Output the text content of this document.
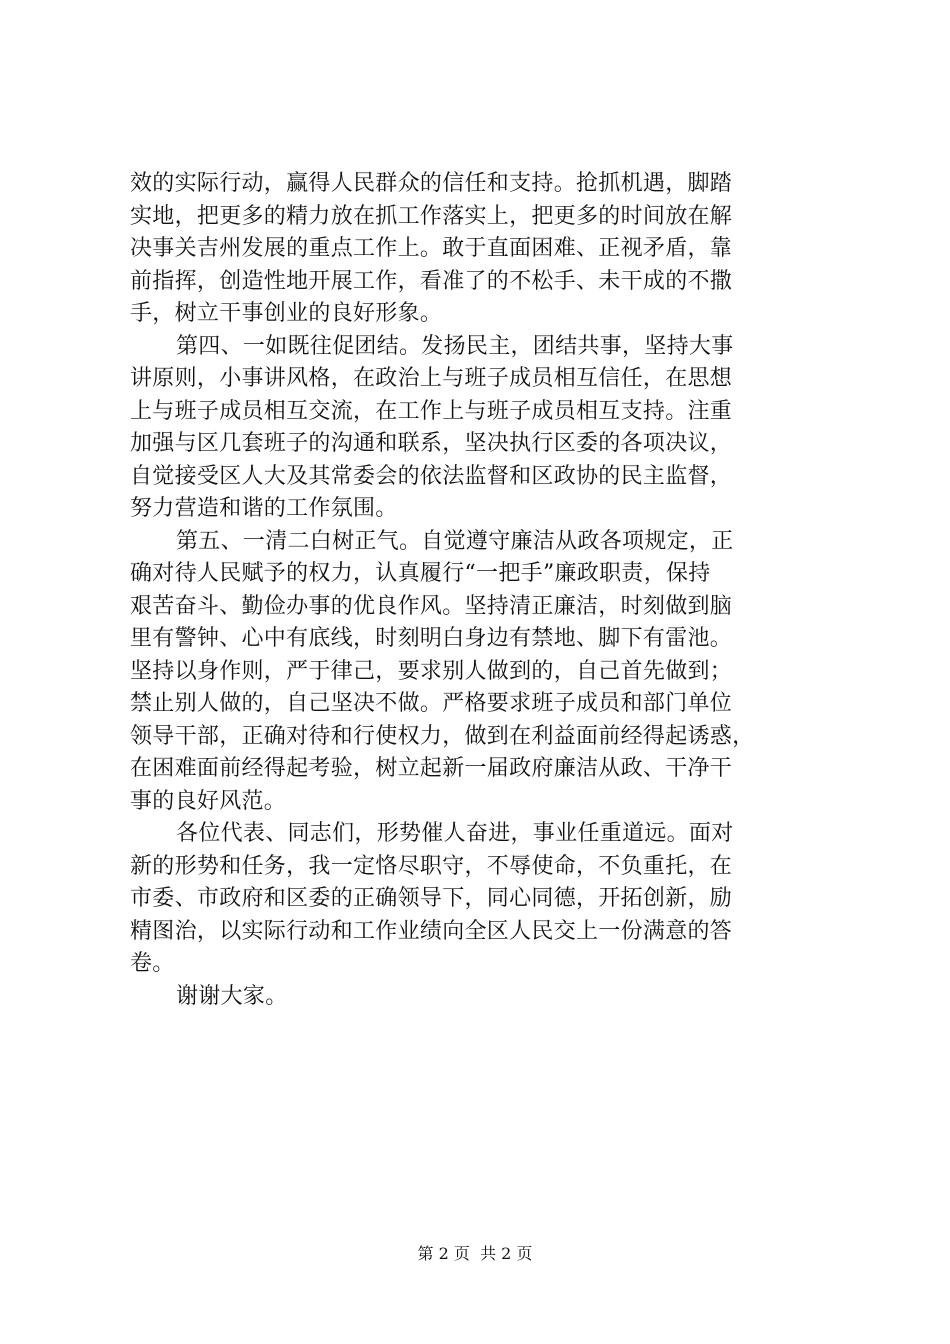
效的实际行动，赢得人民群众的信任和支持。抢抓机遇，脚踏
实地，把更多的精力放在抓工作落实上，把更多的时间放在解
决事关吉州发展的重点工作上。敢于直面困难、正视矛盾，靠
前指挥，创造性地开展工作，看准了的不松手、未干成的不撒
手，树立干事创业的良好形象。
第四、一如既往促团结。发扬民主，团结共事，坚持大事
讲原则，小事讲风格，在政治上与班子成员相互信任，在思想
上与班子成员相互交流，在工作上与班子成员相互支持。注重
加强与区几套班子的沟通和联系，坚决执行区委的各项决议，
自觉接受区人大及其常委会的依法监督和区政协的民主监督，
努力营造和谐的工作氛围。
第五、一清二白树正气。自觉遵守廉洁从政各项规定，正
确对待人民赋予的权力，认真履行“一把手”廉政职责，保持
艰苦奋斗、勤俭办事的优良作风。坚持清正廉洁，时刻做到脑
里有警钟、心中有底线，时刻明白身边有禁地、脚下有雷池。
坚持以身作则，严于律己，要求别人做到的，自己首先做到；
禁止别人做的，自己坚决不做。严格要求班子成员和部门单位
领导干部，正确对待和行使权力，做到在利益面前经得起诱惑，
在困难面前经得起考验，树立起新一届政府廉洁从政、干净干
事的良好风范。
各位代表、同志们，形势催人奋进，事业任重道远。面对
新的形势和任务，我一定恪尽职守，不辱使命，不负重托，在
市委、市政府和区委的正确领导下，同心同德，开拓创新，励
精图治，以实际行动和工作业绩向全区人民交上一份满意的答
卷。
谢谢大家。
第 2 页  共 2 页
